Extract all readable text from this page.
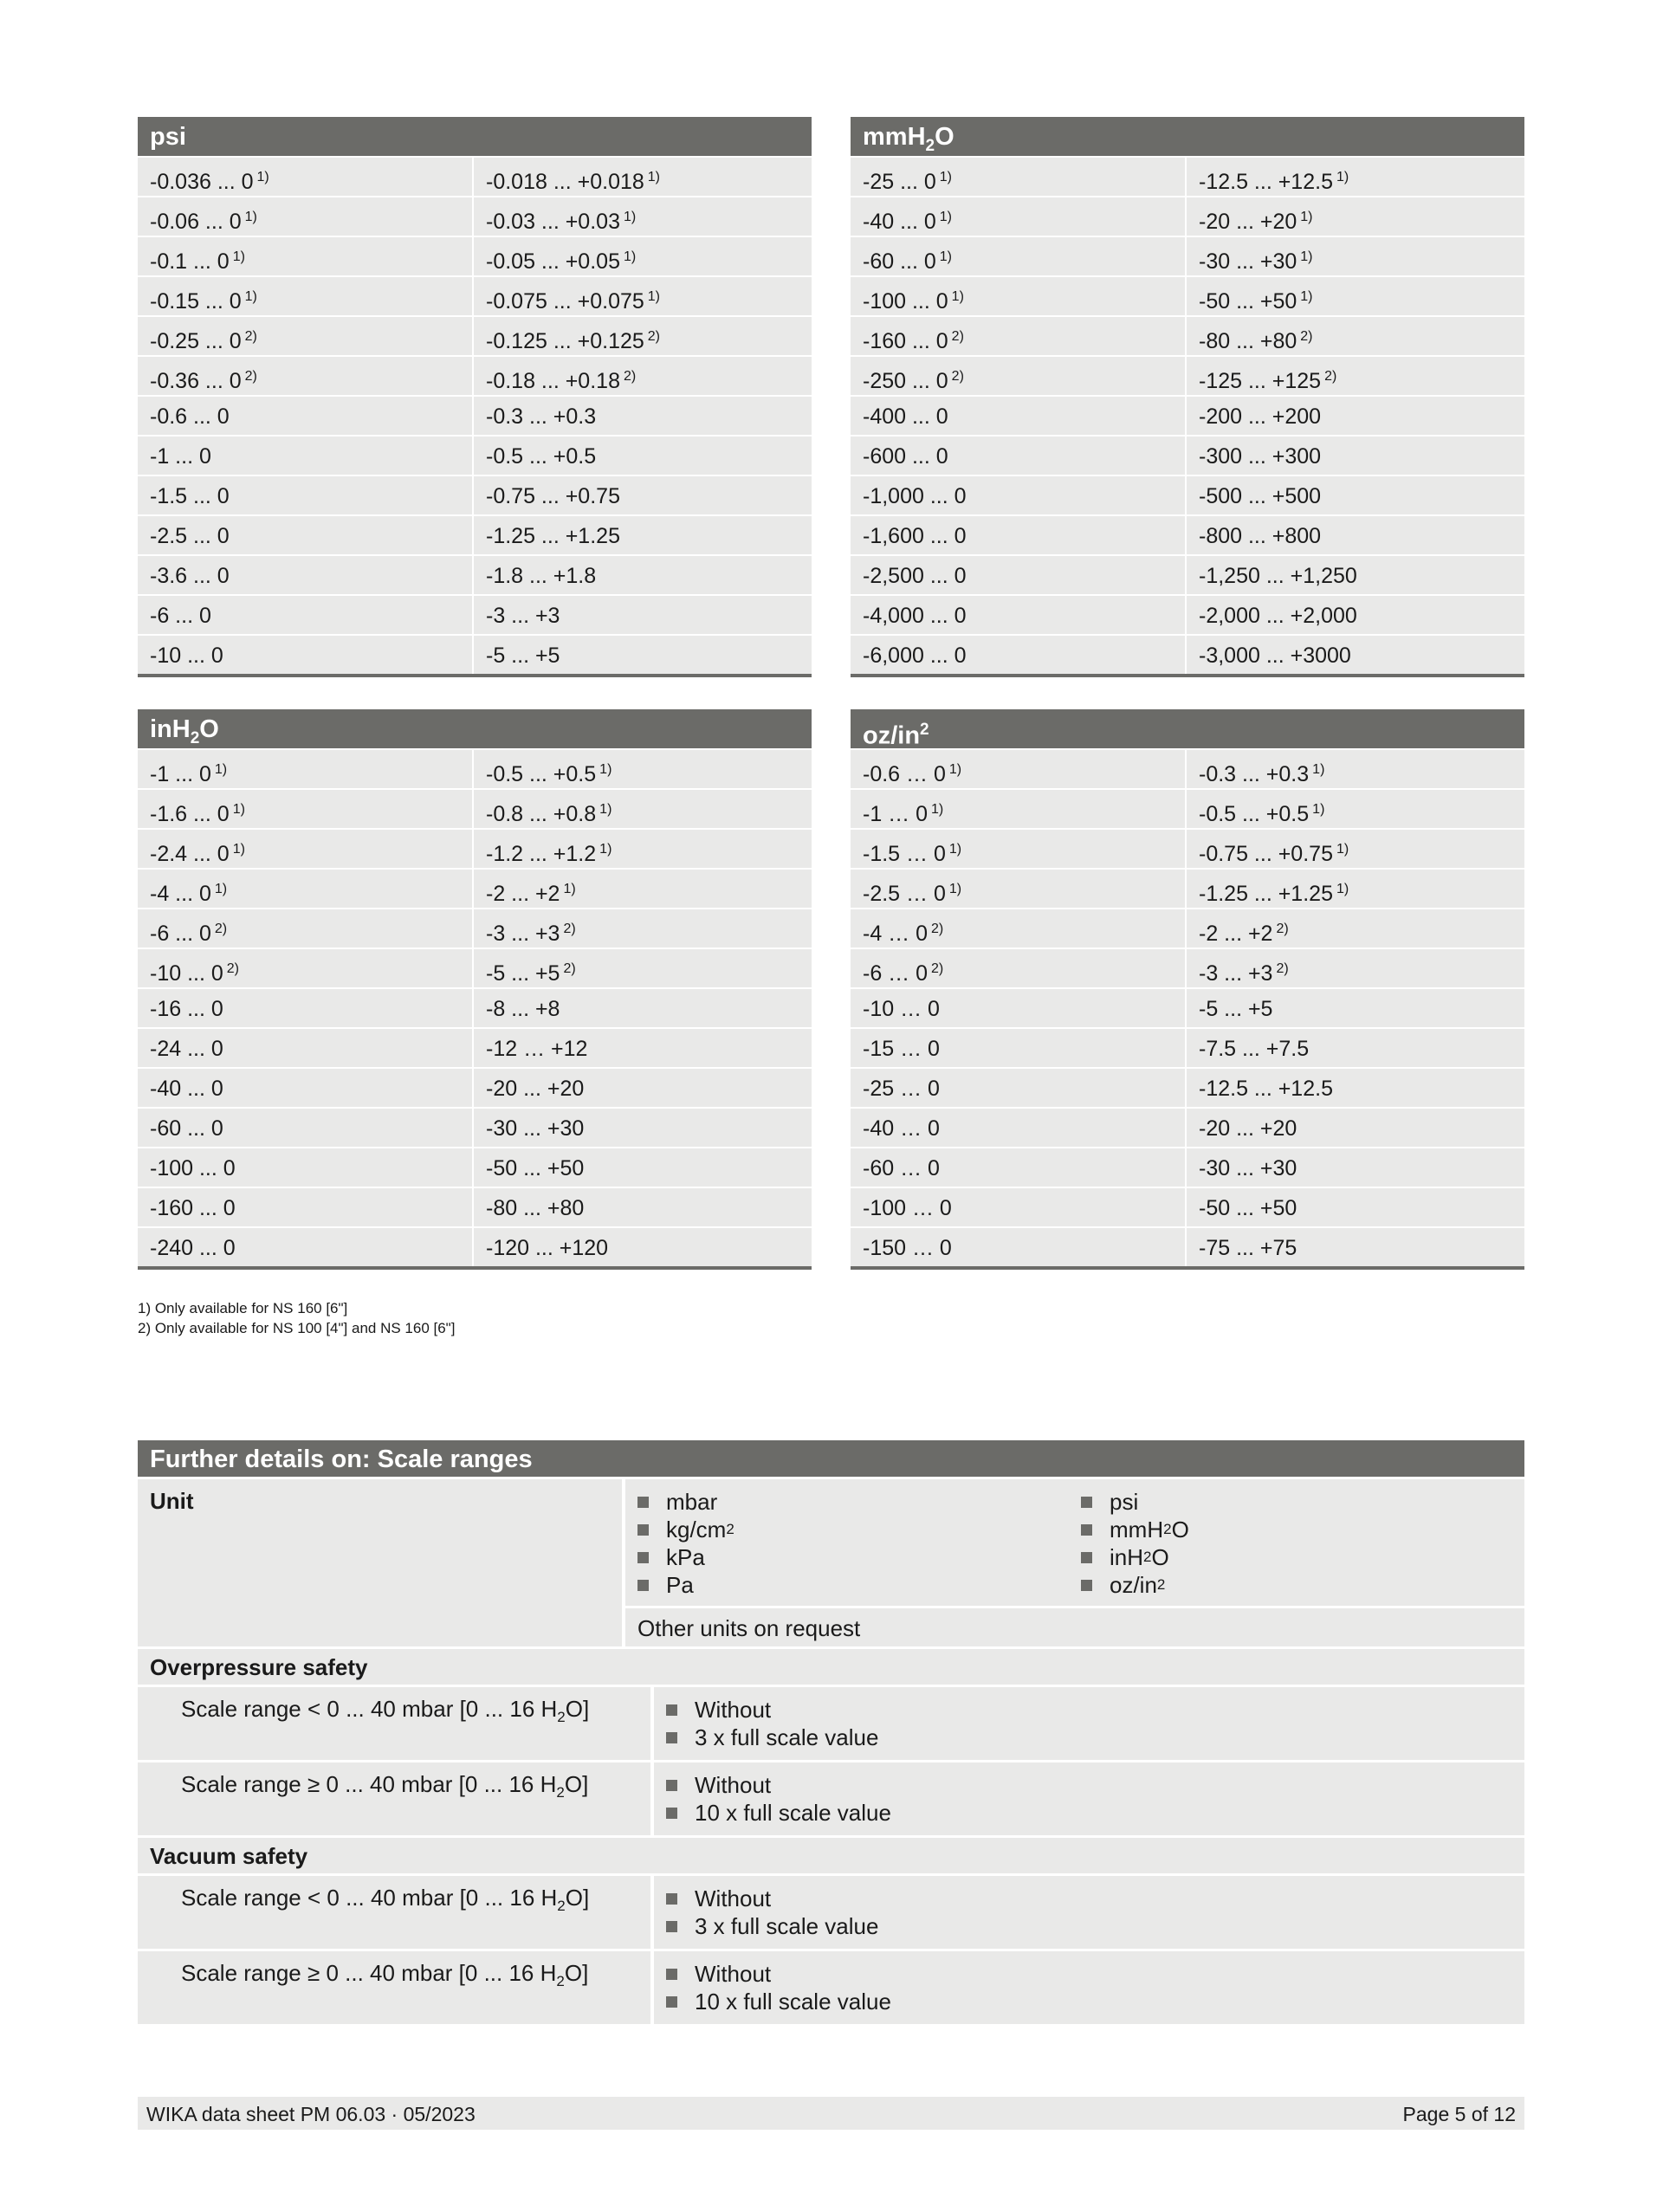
psi
-0.036 ... 0 $^{1)}$	-0.018 ... +0.018 $^{1)}$
-0.06 ... 0 $^{1)}$	-0.03 ... +0.03 $^{1)}$
-0.1 ... 0 $^{1)}$	-0.05 ... +0.05 $^{1)}$
-0.15 ... 0 $^{1)}$	-0.075 ... +0.075 $^{1)}$
-0.25 ... 0 $^{2)}$	-0.125 ... +0.125 $^{2)}$
-0.36 ... 0 $^{2)}$	-0.18 ... +0.18 $^{2)}$
-0.6 ... 0	-0.3 ... +0.3
-1 ... 0	-0.5 ... +0.5
-1.5 ... 0	-0.75 ... +0.75
-2.5 ... 0	-1.25 ... +1.25
-3.6 ... 0	-1.8 ... +1.8
-6 ... 0	-3 ... +3
-10 ... 0	-5 ... +5
mmH$_2$O
-25 ... 0 $^{1)}$	-12.5 ... +12.5 $^{1)}$
-40 ... 0 $^{1)}$	-20 ... +20 $^{1)}$
-60 ... 0 $^{1)}$	-30 ... +30 $^{1)}$
-100 ... 0 $^{1)}$	-50 ... +50 $^{1)}$
-160 ... 0 $^{2)}$	-80 ... +80 $^{2)}$
-250 ... 0 $^{2)}$	-125 ... +125 $^{2)}$
-400 ... 0	-200 ... +200
-600 ... 0	-300 ... +300
-1,000 ... 0	-500 ... +500
-1,600 ... 0	-800 ... +800
-2,500 ... 0	-1,250 ... +1,250
-4,000 ... 0	-2,000 ... +2,000
-6,000 ... 0	-3,000 ... +3000
inH$_2$O
-1 ... 0 $^{1)}$	-0.5 ... +0.5 $^{1)}$
-1.6 ... 0 $^{1)}$	-0.8 ... +0.8 $^{1)}$
-2.4 ... 0 $^{1)}$	-1.2 ... +1.2 $^{1)}$
-4 ... 0 $^{1)}$	-2 ... +2 $^{1)}$
-6 ... 0 $^{2)}$	-3 ... +3 $^{2)}$
-10 ... 0 $^{2)}$	-5 ... +5 $^{2)}$
-16 ... 0	-8 ... +8
-24 ... 0	-12 … +12
-40 ... 0	-20 ... +20
-60 ... 0	-30 ... +30
-100 ... 0	-50 ... +50
-160 ... 0	-80 ... +80
-240 ... 0	-120 ... +120
$oz/in^2$
-0.6 … 0 $^{1)}$	-0.3 ... +0.3 $^{1)}$
-1 … 0 $^{1)}$	-0.5 ... +0.5 $^{1)}$
-1.5 … 0 $^{1)}$	-0.75 ... +0.75 $^{1)}$
-2.5 … 0 $^{1)}$	-1.25 ... +1.25 $^{1)}$
-4 … 0 $^{2)}$	-2 ... +2 $^{2)}$
-6 … 0 $^{2)}$	-3 ... +3 $^{2)}$
-10 … 0	-5 ... +5
-15 … 0	-7.5 ... +7.5
-25 … 0	-12.5 ... +12.5
-40 … 0	-20 ... +20
-60 … 0	-30 ... +30
-100 … 0	-50 ... +50
-150 … 0	-75 ... +75
1) Only available for NS 160 [6"]
2) Only available for NS 100 [4"] and NS 160 [6"]
Further details on: Scale ranges
Unit	mbar
kg/cm 2
kPa
Pa
psi
mmH 2 O
inH 2 O
oz/in 2
Other units on request
Overpressure safety
Scale range < 0 ... 40 mbar [0 ... 16 $H_2O$]	Without
3 x full scale value
Scale range ≥ 0 ... 40 mbar [0 ... 16 $H_2O$]	Without
10 x full scale value
Vacuum safety
Scale range < 0 ... 40 mbar [0 ... 16 $H_2O$]	Without
3 x full scale value
Scale range ≥ 0 ... 40 mbar [0 ... 16 $H_2O$]	Without
10 x full scale value
WIKA data sheet PM 06.03 · 05/2023	Page 5 of 12
